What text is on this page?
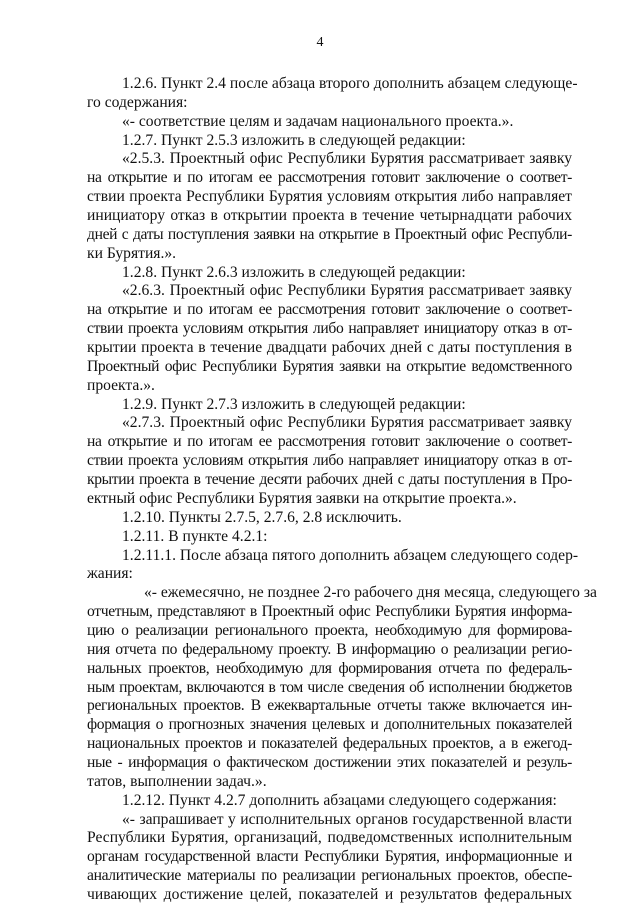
4
1.2.6. Пункт 2.4 после абзаца второго дополнить абзацем следующе-
го содержания:
«- соответствие целям и задачам национального проекта.».
1.2.7. Пункт 2.5.3 изложить в следующей редакции:
«2.5.3. Проектный офис Республики Бурятия рассматривает заявку
на открытие и по итогам ее рассмотрения готовит заключение о соответ-
ствии проекта Республики Бурятия условиям открытия либо направляет
инициатору отказ в открытии проекта в течение четырнадцати рабочих
дней с даты поступления заявки на открытие в Проектный офис Республи-
ки Бурятия.».
1.2.8. Пункт 2.6.3 изложить в следующей редакции:
«2.6.3. Проектный офис Республики Бурятия рассматривает заявку
на открытие и по итогам ее рассмотрения готовит заключение о соответ-
ствии проекта условиям открытия либо направляет инициатору отказ в от-
крытии проекта в течение двадцати рабочих дней с даты поступления в
Проектный офис Республики Бурятия заявки на открытие ведомственного
проекта.».
1.2.9. Пункт 2.7.3 изложить в следующей редакции:
«2.7.3. Проектный офис Республики Бурятия рассматривает заявку
на открытие и по итогам ее рассмотрения готовит заключение о соответ-
ствии проекта условиям открытия либо направляет инициатору отказ в от-
крытии проекта в течение десяти рабочих дней с даты поступления в Про-
ектный офис Республики Бурятия заявки на открытие проекта.».
1.2.10. Пункты 2.7.5, 2.7.6, 2.8 исключить.
1.2.11. В пункте 4.2.1:
1.2.11.1. После абзаца пятого дополнить абзацем следующего содер-
жания:
«- ежемесячно, не позднее 2-го рабочего дня месяца, следующего за
отчетным, представляют в Проектный офис Республики Бурятия информа-
цию о реализации регионального проекта, необходимую для формирова-
ния отчета по федеральному проекту. В информацию о реализации регио-
нальных проектов, необходимую для формирования отчета по федераль-
ным проектам, включаются в том числе сведения об исполнении бюджетов
региональных проектов. В ежеквартальные отчеты также включается ин-
формация о прогнозных значения целевых и дополнительных показателей
национальных проектов и показателей федеральных проектов, а в ежегод-
ные - информация о фактическом достижении этих показателей и резуль-
татов, выполнении задач.».
1.2.12. Пункт 4.2.7 дополнить абзацами следующего содержания:
«- запрашивает у исполнительных органов государственной власти
Республики Бурятия, организаций, подведомственных исполнительным
органам государственной власти Республики Бурятия, информационные и
аналитические материалы по реализации региональных проектов, обеспе-
чивающих достижение целей, показателей и результатов федеральных
